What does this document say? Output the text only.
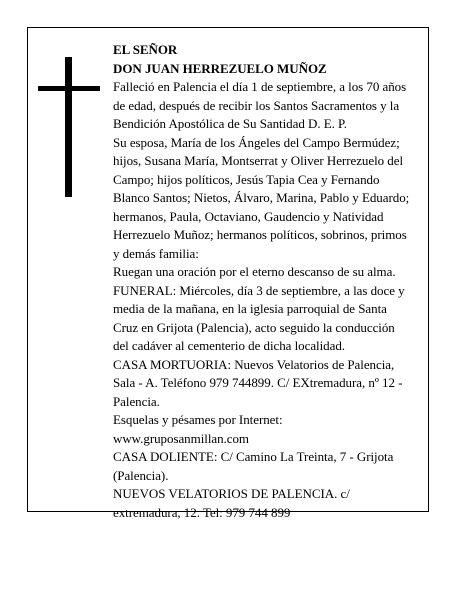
EL SEÑOR

DON JUAN HERREZUELO MUÑOZ

Falleció en Palencia el día 1 de septiembre, a los 70 años de edad, después de recibir los Santos Sacramentos y la Bendición Apostólica de Su Santidad D. E. P.

Su esposa, María de los Ángeles del Campo Bermúdez; hijos, Susana María, Montserrat y Oliver Herrezuelo del Campo; hijos políticos, Jesús Tapia Cea y Fernando Blanco Santos; Nietos, Álvaro, Marina, Pablo y Eduardo; hermanos, Paula, Octaviano, Gaudencio y Natividad Herrezuelo Muñoz; hermanos políticos, sobrinos, primos y demás familia:

Ruegan una oración por el eterno descanso de su alma.

FUNERAL: Miércoles, día 3 de septiembre, a las doce y media de la mañana, en la iglesia parroquial de Santa Cruz en Grijota (Palencia), acto seguido la conducción del cadáver al cementerio de dicha localidad.

CASA MORTUORIA: Nuevos Velatorios de Palencia, Sala - A. Teléfono 979 744899. C/ EXtremadura, nº 12 - Palencia.

Esquelas y pésames por Internet: www.gruposanmillan.com

CASA DOLIENTE: C/ Camino La Treinta, 7 - Grijota (Palencia).

NUEVOS VELATORIOS DE PALENCIA. c/ extremadura, 12. Tel: 979 744 899
